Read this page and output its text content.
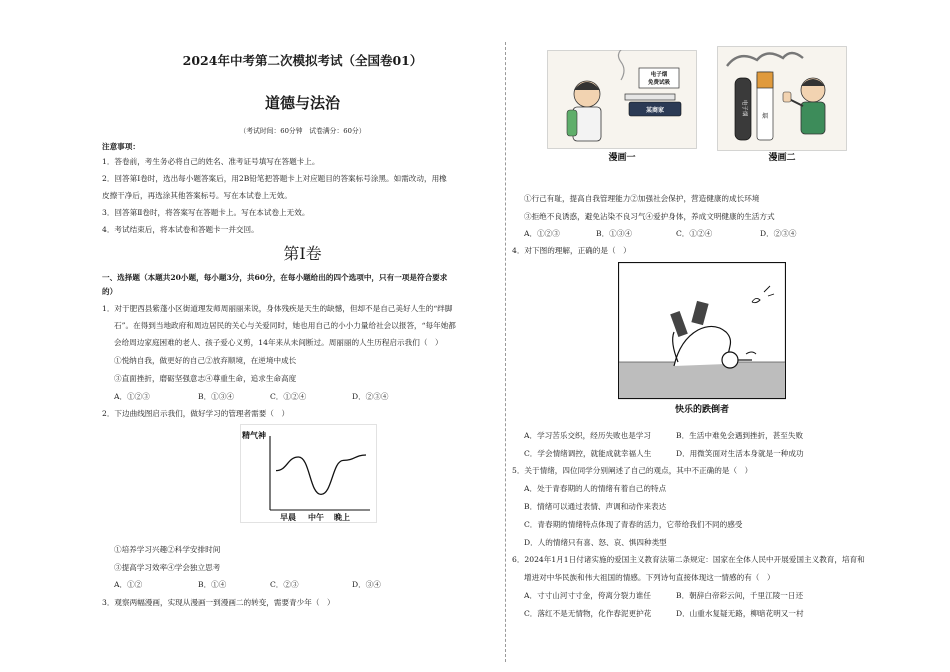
2024年中考第二次模拟考试（全国卷01）
道德与法治
（考试时间：60分钟　试卷满分：60分）
注意事项：
1．答卷前，考生务必将自己的姓名、准考证号填写在答题卡上。
2．回答第Ⅰ卷时，选出每小题答案后，用2B铅笔把答题卡上对应题目的答案标号涂黑。如需改动，用橡
皮擦干净后，再选涂其他答案标号。写在本试卷上无效。
3．回答第Ⅱ卷时，将答案写在答题卡上。写在本试卷上无效。
4．考试结束后，将本试卷和答题卡一并交回。
第Ⅰ卷
一、选择题（本题共20小题，每小题3分，共60分，在每小题给出的四个选项中，只有一项是符合要求
的）
1．对于肥西县紫蓬小区街道理发师周丽丽来说，身体残疾是天生的缺憾，但却不是自己美好人生的“绊脚
石”。在得到当地政府和周边居民的关心与关爱同时，她也用自己的小小力量给社会以报答，“每年她都
会给周边家庭困难的老人、孩子爱心义剪，14年来从未间断过。周丽丽的人生历程启示我们（　）
①悦纳自我，做更好的自己②放弃顺境，在逆境中成长
③直面挫折，磨砺坚强意志④尊重生命，追求生命高度
A．①②③	B．①③④	C．①②④	D．②③④
2．下边曲线图启示我们，做好学习的管理者需要（　）
精气神
早晨 中午 晚上
①培养学习兴趣②科学安排时间
③提高学习效率④学会独立思考
A．①②	B．①④	C．②③	D．③④
3．观察两幅漫画，实现从漫画一到漫画二的转变，需要青少年（　）
某商家
电子烟
免费试吸
漫画一
电子烟
烟
漫画二
①行己有耻，提高自我管理能力②加强社会保护，营造健康的成长环境
③拒绝不良诱惑，避免沾染不良习气④爱护身体，养成文明健康的生活方式
A．①②③	B．①③④	C．①②④	D．②③④
4．对下图的理解，正确的是（　）
快乐的跌倒者
A．学习苦乐交织，经历失败也是学习	B．生活中难免会遇到挫折，甚至失败
C．学会情绪调控，就能成就幸福人生	D．用微笑面对生活本身就是一种成功
5．关于情绪，四位同学分别阐述了自己的观点，其中不正确的是（　）
A．处于青春期的人的情绪有着自己的特点
B．情绪可以通过表情、声调和动作来表达
C．青春期的情绪特点体现了青春的活力，它带给我们不同的感受
D．人的情绪只有喜、怒、哀、惧四种类型
6．2024年1月1日付诸实施的爱国主义教育法第二条规定：国家在全体人民中开展爱国主义教育，培育和
增进对中华民族和伟大祖国的情感。下列诗句直接体现这一情感的有（　）
A．寸寸山河寸寸金，侉离分裂力谁任	B．朝辞白帝彩云间，千里江陵一日还
C．落红不是无情物，化作春泥更护花	D．山重水复疑无路，柳暗花明又一村
